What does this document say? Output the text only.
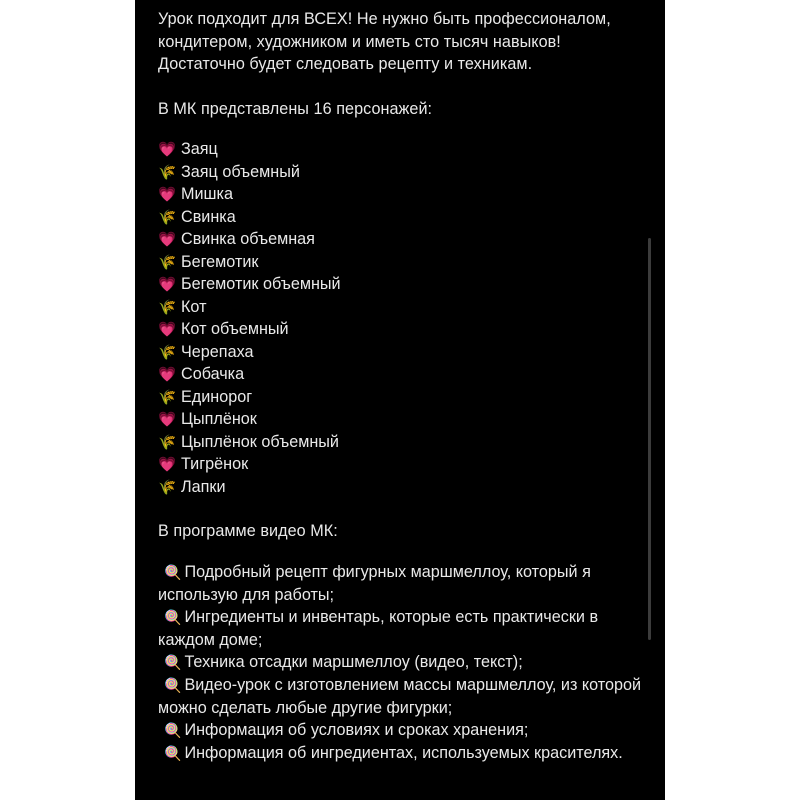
Урок подходит для ВСЕХ! Не нужно быть профессионалом, кондитером, художником и иметь сто тысяч навыков! Достаточно будет следовать рецепту и техникам.

В МК представлены 16 персонажей:

💗 Заяц
🌾 Заяц объемный
💗 Мишка
🌾 Свинка
💗 Свинка объемная
🌾 Бегемотик
💗 Бегемотик объемный
🌾 Кот
💗 Кот объемный
🌾 Черепаха
💗 Собачка
🌾 Единорог
💗 Цыплёнок
🌾 Цыплёнок объемный
💗 Тигрёнок
🌾 Лапки

В программе видео МК:

🍭 Подробный рецепт фигурных маршмеллоу, который я использую для работы;
🍭 Ингредиенты и инвентарь, которые есть практически в каждом доме;
🍭 Техника отсадки маршмеллоу (видео, текст);
🍭 Видео-урок с изготовлением массы маршмеллоу, из которой можно сделать любые другие фигурки;
🍭 Информация об условиях и сроках хранения;
🍭 Информация об ингредиентах, используемых красителях.
